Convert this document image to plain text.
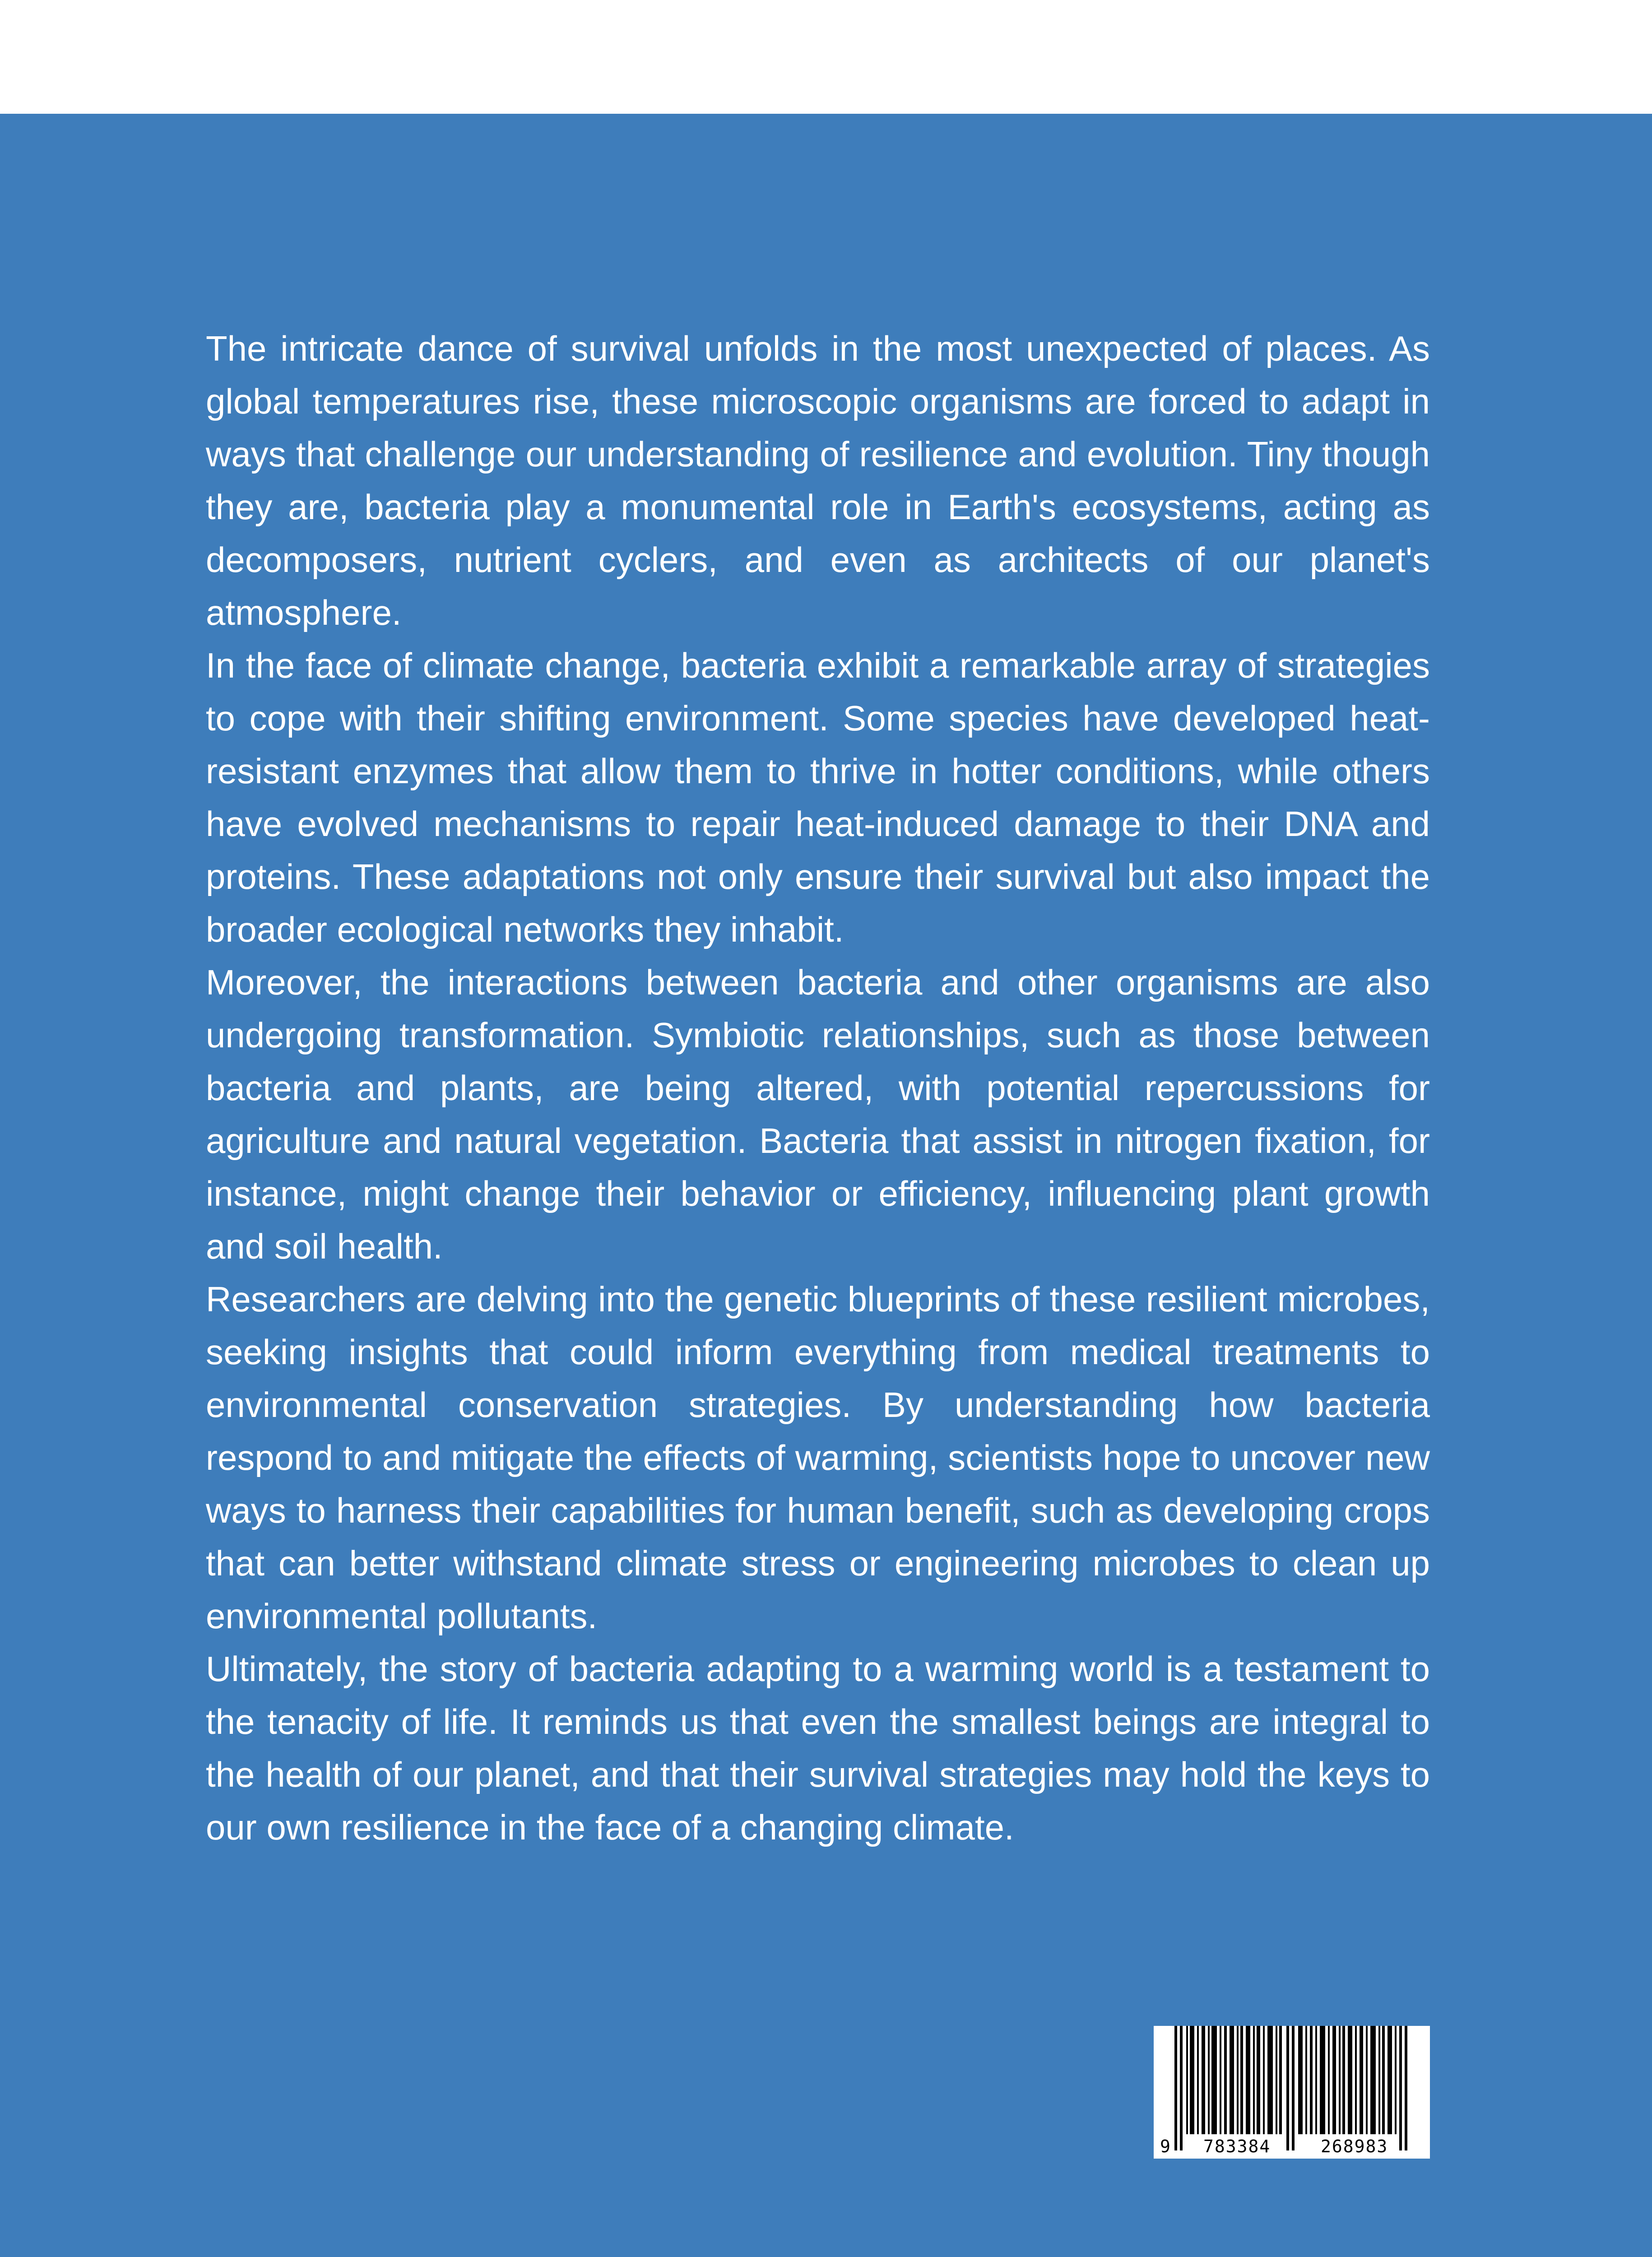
The intricate dance of survival unfolds in the most unexpected of places. As global temperatures rise, these microscopic organisms are forced to adapt in ways that challenge our understanding of resilience and evolution. Tiny though they are, bacteria play a monumental role in Earth's ecosystems, acting as decomposers, nutrient cyclers, and even as architects of our planet's atmosphere.

In the face of climate change, bacteria exhibit a remarkable array of strategies to cope with their shifting environment. Some species have developed heat-resistant enzymes that allow them to thrive in hotter conditions, while others have evolved mechanisms to repair heat-induced damage to their DNA and proteins. These adaptations not only ensure their survival but also impact the broader ecological networks they inhabit.

Moreover, the interactions between bacteria and other organisms are also undergoing transformation. Symbiotic relationships, such as those between bacteria and plants, are being altered, with potential repercussions for agriculture and natural vegetation. Bacteria that assist in nitrogen fixation, for instance, might change their behavior or efficiency, influencing plant growth and soil health.

Researchers are delving into the genetic blueprints of these resilient microbes, seeking insights that could inform everything from medical treatments to environmental conservation strategies. By understanding how bacteria respond to and mitigate the effects of warming, scientists hope to uncover new ways to harness their capabilities for human benefit, such as developing crops that can better withstand climate stress or engineering microbes to clean up environmental pollutants.

Ultimately, the story of bacteria adapting to a warming world is a testament to the tenacity of life. It reminds us that even the smallest beings are integral to the health of our planet, and that their survival strategies may hold the keys to our own resilience in the face of a changing climate.

9 783384	268983
